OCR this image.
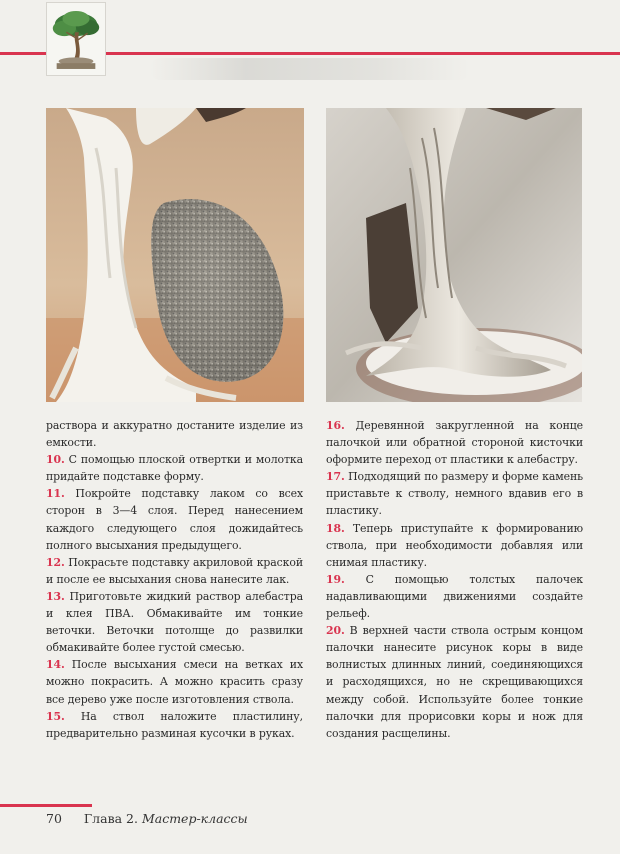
раствора и аккуратно достаните изделие из емкости.

10. С помощью плоской отвертки и молотка придайте подставке форму.

11. Покройте подставку лаком со всех сторон в 3—4 слоя. Перед нанесением каждого следующего слоя дожидайтесь полного высыхания предыдущего.

12. Покрасьте подставку акриловой краской и после ее высыхания снова нанесите лак.

13. Приготовьте жидкий раствор алебастра и клея ПВА. Обмакивайте им тонкие веточки. Веточки потолще до развилки обмакивайте более густой смесью.

14. После высыхания смеси на ветках их можно покрасить. А можно красить сразу все дерево уже после изготовления ствола.

15. На ствол наложите пластилину, предварительно разминая кусочки в руках.

16. Деревянной закругленной на конце палочкой или обратной стороной кисточки оформите переход от пластики к алебастру.

17. Подходящий по размеру и форме камень приставьте к стволу, немного вдавив его в пластику.

18. Теперь приступайте к формированию ствола, при необходимости добавляя или снимая пластику.

19. С помощью толстых палочек надавливающими движениями создайте рельеф.

20. В верхней части ствола острым концом палочки нанесите рисунок коры в виде волнистых длинных линий, соединяющихся и расходящихся, но не скрещивающихся между собой. Используйте более тонкие палочки для прорисовки коры и нож для создания расщелины.

70 Глава 2. Мастер-классы
